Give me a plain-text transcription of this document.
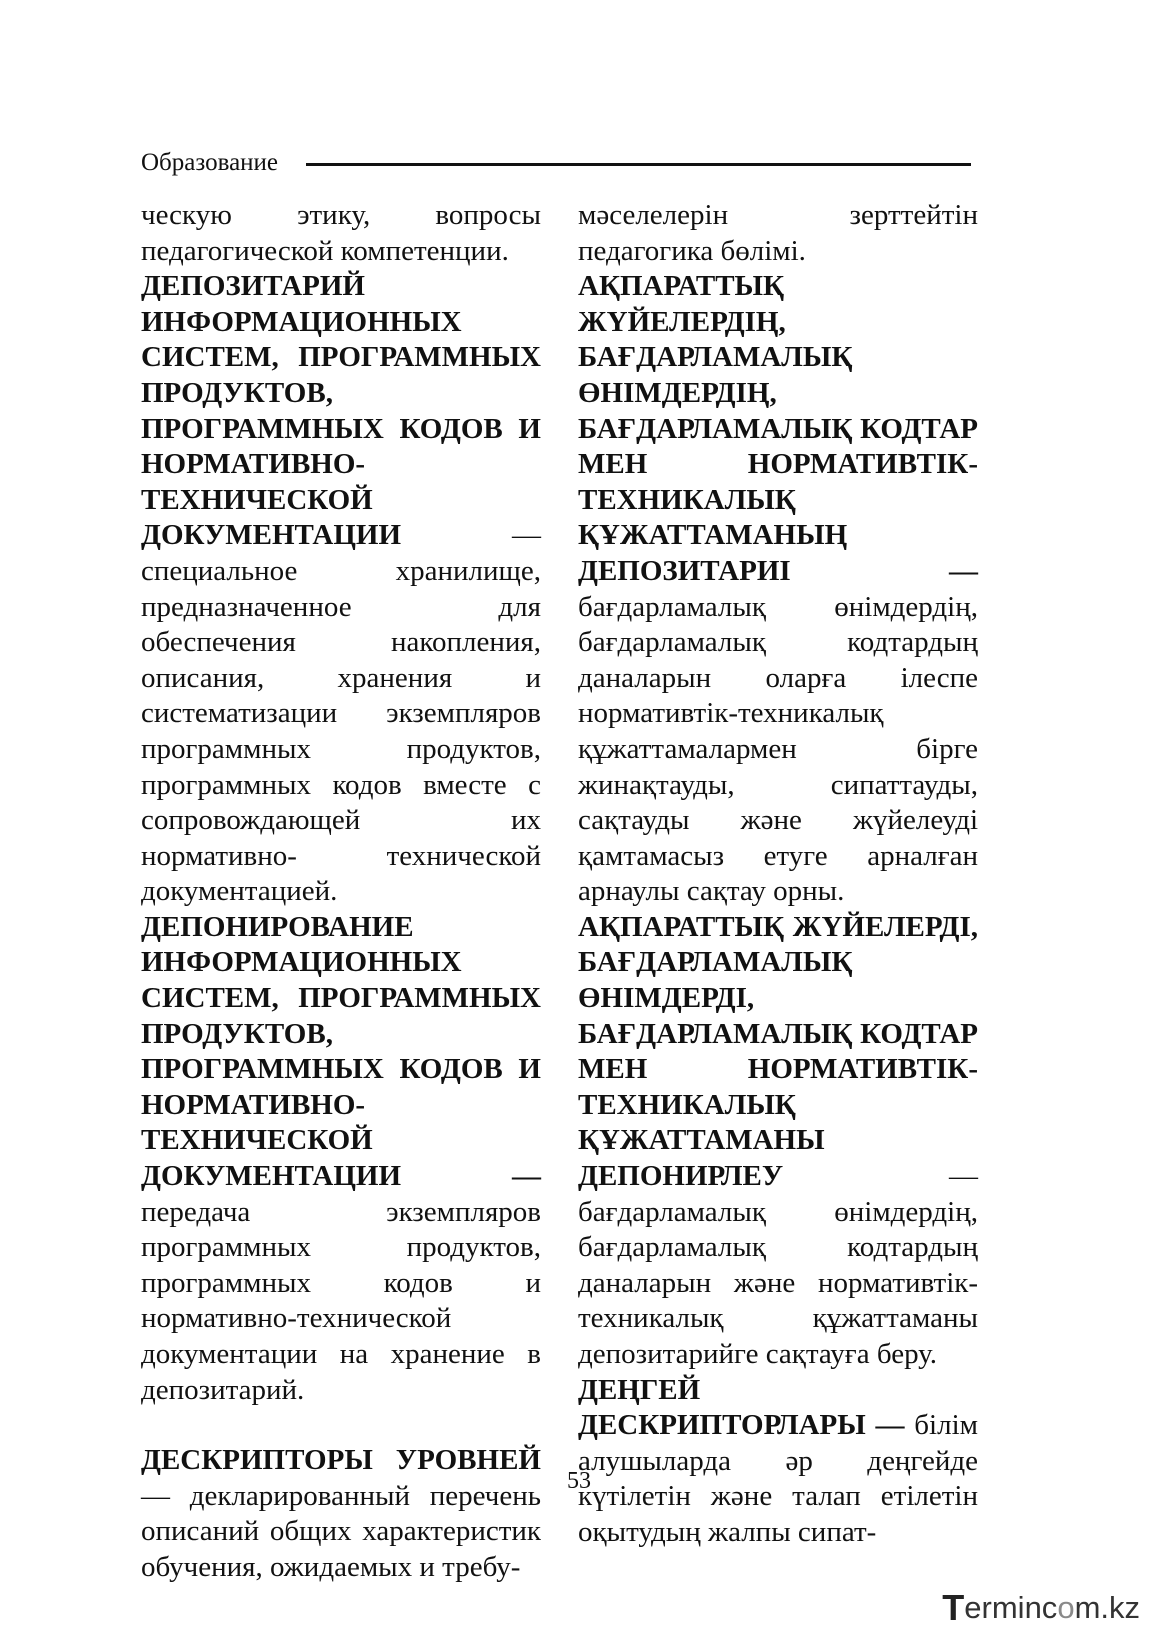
Образование

ческую этику, вопросы педагогической компетенции.

ДЕПОЗИТАРИЙ ИНФОРМАЦИОННЫХ СИСТЕМ, ПРОГРАММНЫХ ПРОДУКТОВ, ПРОГРАММНЫХ КОДОВ И НОРМАТИВНО-ТЕХНИЧЕСКОЙ ДОКУМЕНТАЦИИ — специальное хранилище, предназначенное для обеспечения накопления, описания, хранения и систематизации экземпляров программных продуктов, программных кодов вместе с сопровождающей их нормативно- технической документацией.

ДЕПОНИРОВАНИЕ ИНФОРМАЦИОННЫХ СИСТЕМ, ПРОГРАММНЫХ ПРОДУКТОВ, ПРОГРАММНЫХ КОДОВ И НОРМАТИВНО-ТЕХНИЧЕСКОЙ ДОКУМЕНТАЦИИ — передача экземпляров программных продуктов, программных кодов и нормативно-технической документации на хранение в депозитарий.

ДЕСКРИПТОРЫ УРОВНЕЙ — декларированный перечень описаний общих характеристик обучения, ожидаемых и требу-

мәселелерін зерттейтін педагогика бөлімі.

АҚПАРАТТЫҚ ЖҮЙЕЛЕРДІҢ, БАҒДАРЛАМАЛЫҚ ӨНІМДЕРДІҢ, БАҒДАРЛАМАЛЫҚ КОДТАР МЕН НОРМАТИВТІК-ТЕХНИКАЛЫҚ ҚҰЖАТТАМАНЫҢ ДЕПОЗИТАРИІ — бағдарламалық өнімдердің, бағдарламалық кодтардың даналарын оларға ілеспе нормативтік-техникалық құжаттамалармен бірге жинақтауды, сипаттауды, сақтауды және жүйелеуді қамтамасыз етуге арналған арнаулы сақтау орны.

АҚПАРАТТЫҚ ЖҮЙЕЛЕРДІ, БАҒДАРЛАМАЛЫҚ ӨНІМДЕРДІ, БАҒДАРЛАМАЛЫҚ КОДТАР МЕН НОРМАТИВТІК-ТЕХНИКАЛЫҚ ҚҰЖАТТАМАНЫ ДЕПОНИРЛЕУ — бағдарламалық өнімдердің, бағдарламалық кодтардың даналарын және нормативтік-техникалық құжаттаманы депозитарийге сақтауға беру.

ДЕҢГЕЙ ДЕСКРИПТОРЛАРЫ — білім алушыларда әр деңгейде күтілетін және талап етілетін оқытудың жалпы сипат-

53
T erminc o m.kz
